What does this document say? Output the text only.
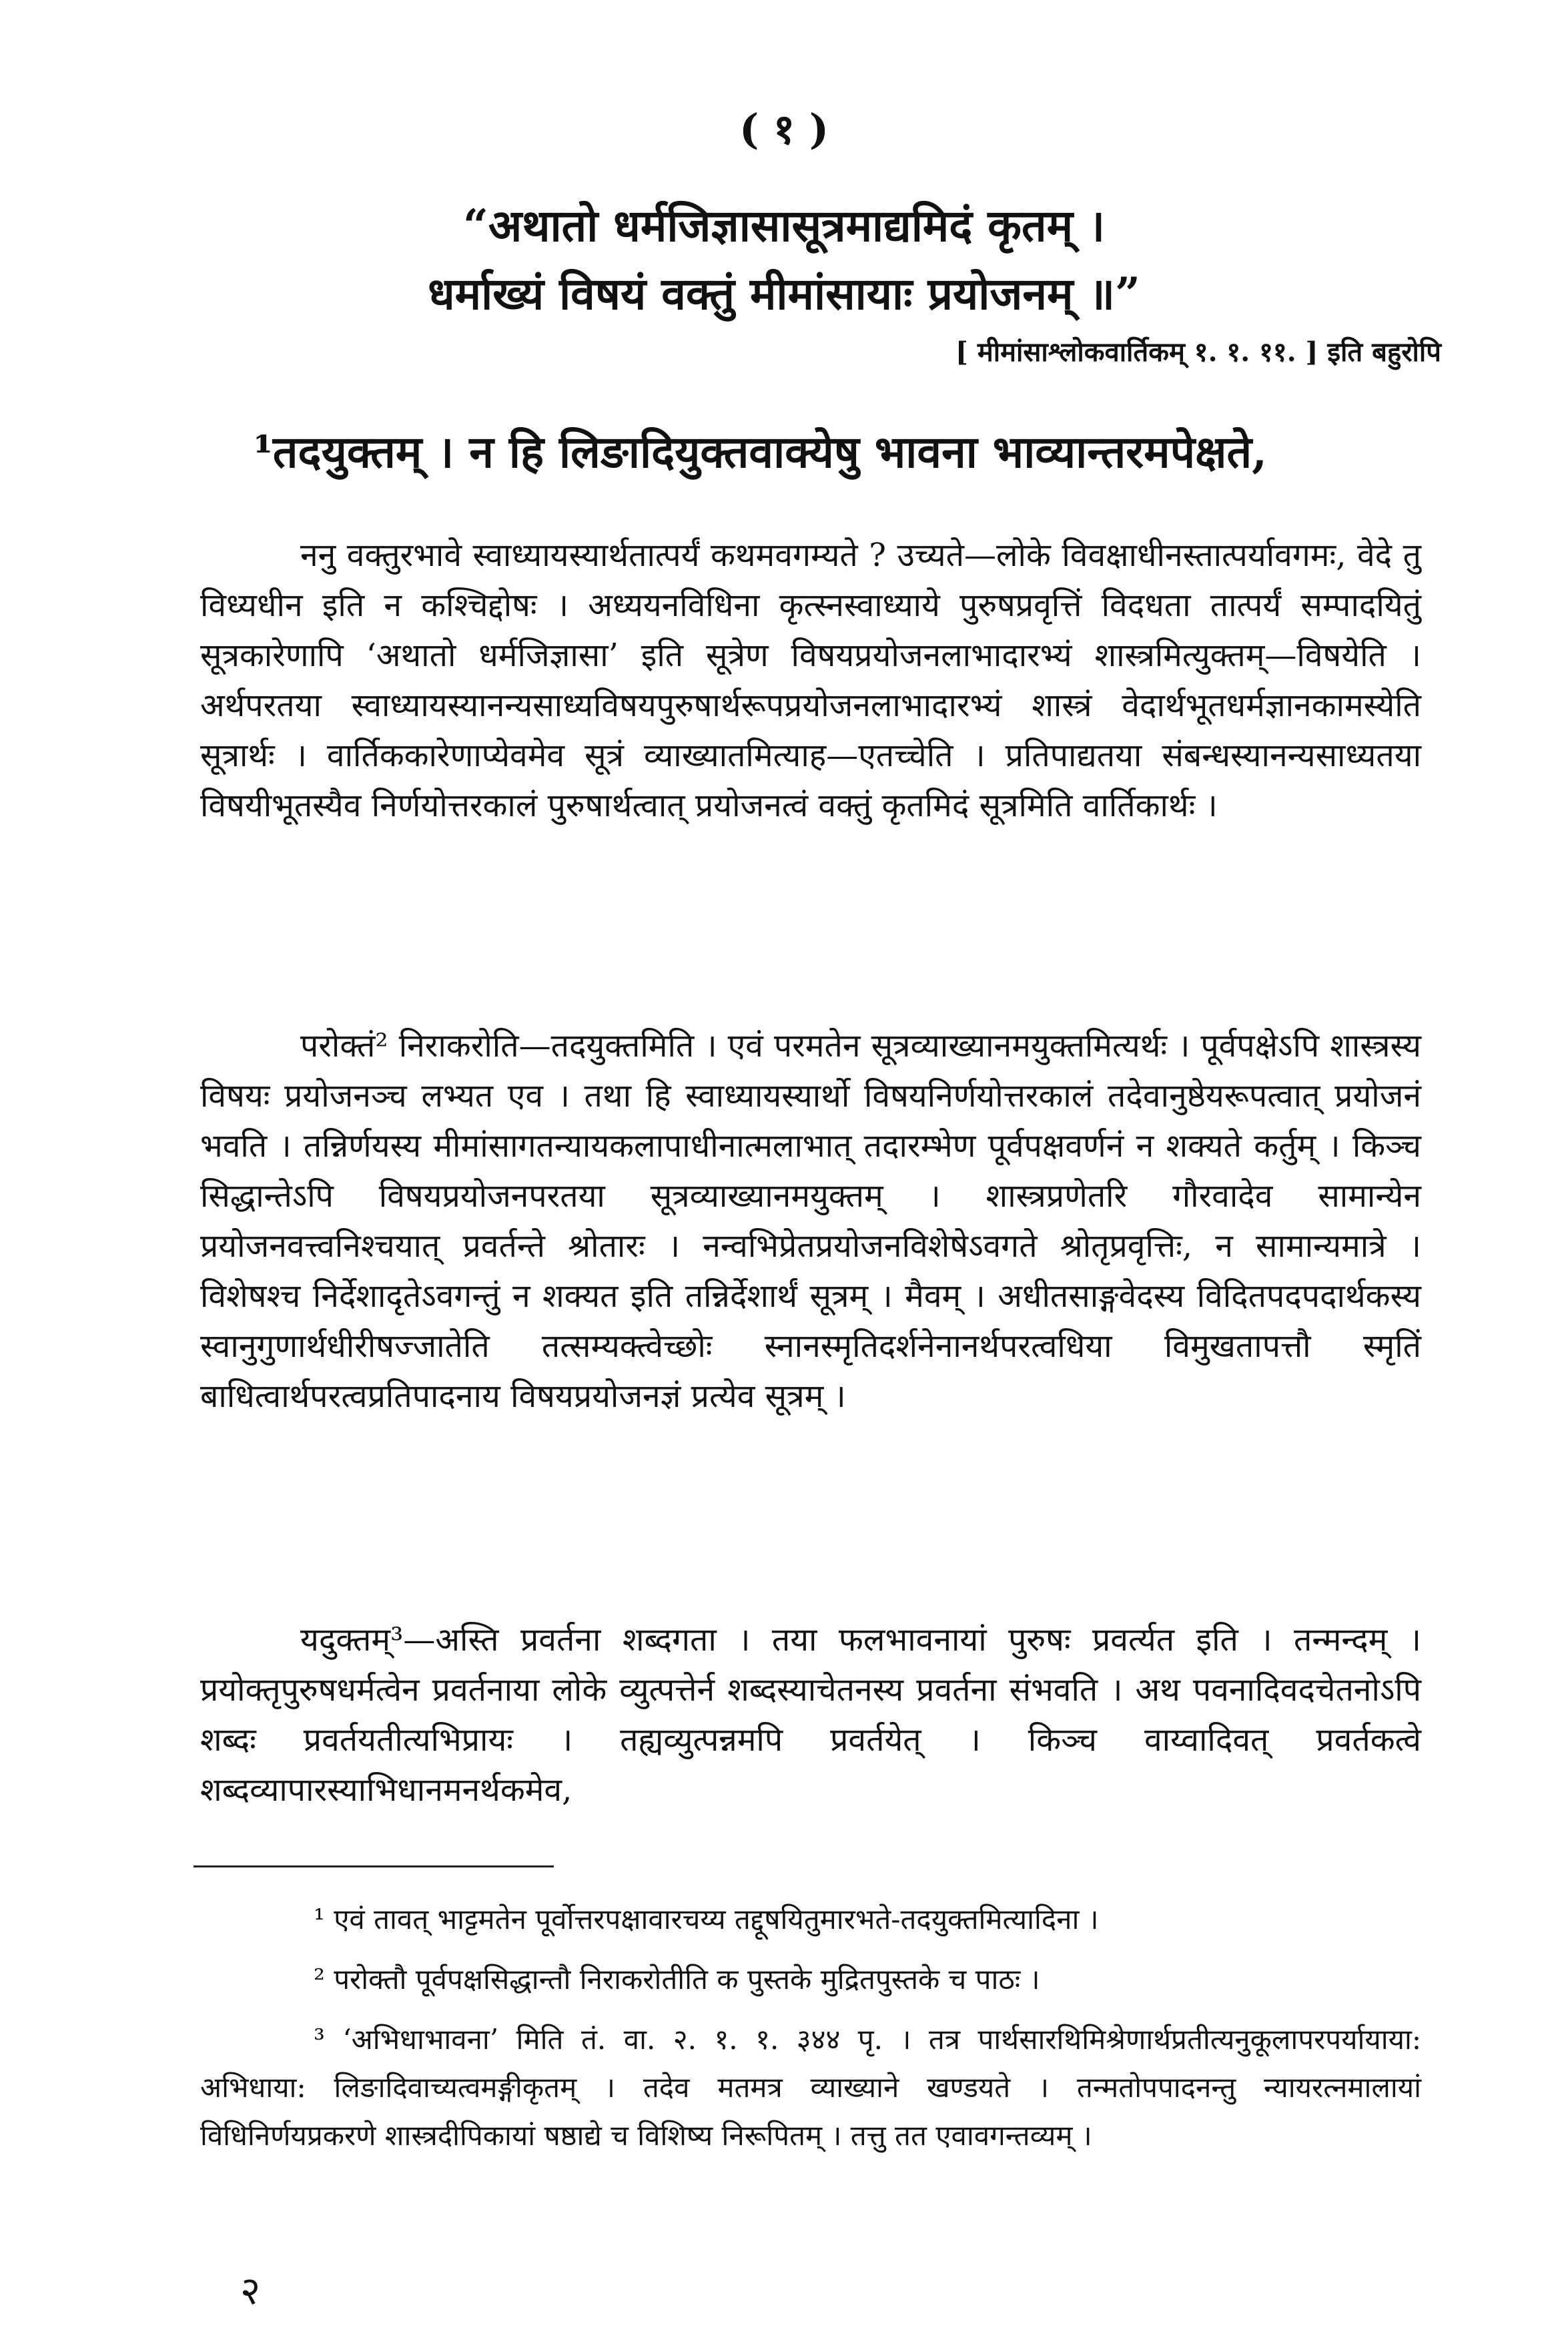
( १ )
“अथातो धर्मजिज्ञासासूत्रमाद्यमिदं कृतम् ।
धर्माख्यं विषयं वक्तुं मीमांसायाः प्रयोजनम् ॥”
[ मीमांसाश्लोकवार्तिकम् १. १. ११. ] इति बहुरोपि
¹तदयुक्तम् । न हि लिङादियुक्तवाक्येषु भावना भाव्यान्तरमपेक्षते,

ननु वक्तुरभावे स्वाध्यायस्यार्थतात्पर्यं कथमवगम्यते ? उच्यते—लोके विवक्षाधीनस्तात्पर्यावगमः, वेदे तु विध्यधीन इति न कश्चिद्दोषः । अध्ययनविधिना कृत्स्नस्वाध्याये पुरुषप्रवृत्तिं विदधता तात्पर्यं सम्पादयितुं सूत्रकारेणापि ‘अथातो धर्मजिज्ञासा’ इति सूत्रेण विषयप्रयोजनलाभादारभ्यं शास्त्रमित्युक्तम्—विषयेति । अर्थपरतया स्वाध्यायस्यानन्यसाध्यविषयपुरुषार्थरूपप्रयोजनलाभादारभ्यं शास्त्रं वेदार्थभूतधर्मज्ञानकामस्येति सूत्रार्थः । वार्तिककारेणाप्येवमेव सूत्रं व्याख्यातमित्याह—एतच्चेति । प्रतिपाद्यतया संबन्धस्यानन्यसाध्यतया विषयीभूतस्यैव निर्णयोत्तरकालं पुरुषार्थत्वात् प्रयोजनत्वं वक्तुं कृतमिदं सूत्रमिति वार्तिकार्थः ।

परोक्तं² निराकरोति—तदयुक्तमिति । एवं परमतेन सूत्रव्याख्यानमयुक्तमित्यर्थः । पूर्वपक्षेऽपि शास्त्रस्य विषयः प्रयोजनञ्च लभ्यत एव । तथा हि स्वाध्यायस्यार्थो विषयनिर्णयोत्तरकालं तदेवानुष्ठेयरूपत्वात् प्रयोजनं भवति । तन्निर्णयस्य मीमांसागतन्यायकलापाधीनात्मलाभात् तदारम्भेण पूर्वपक्षवर्णनं न शक्यते कर्तुम् । किञ्च सिद्धान्तेऽपि विषयप्रयोजनपरतया सूत्रव्याख्यानमयुक्तम् । शास्त्रप्रणेतरि गौरवादेव सामान्येन प्रयोजनवत्त्वनिश्चयात् प्रवर्तन्ते श्रोतारः । नन्वभिप्रेतप्रयोजनविशेषेऽवगते श्रोतृप्रवृत्तिः, न सामान्यमात्रे । विशेषश्च निर्देशादृतेऽवगन्तुं न शक्यत इति तन्निर्देशार्थं सूत्रम् । मैवम् । अधीतसाङ्गवेदस्य विदितपदपदार्थकस्य स्वानुगुणार्थधीरीषज्जातेति तत्सम्यक्त्वेच्छोः स्नानस्मृतिदर्शनेनानर्थपरत्वधिया विमुखतापत्तौ स्मृतिं बाधित्वार्थपरत्वप्रतिपादनाय विषयप्रयोजनज्ञं प्रत्येव सूत्रम् ।

यदुक्तम्³—अस्ति प्रवर्तना शब्दगता । तया फलभावनायां पुरुषः प्रवर्त्यत इति । तन्मन्दम् । प्रयोक्तृपुरुषधर्मत्वेन प्रवर्तनाया लोके व्युत्पत्तेर्न शब्दस्याचेतनस्य प्रवर्तना संभवति । अथ पवनादिवदचेतनोऽपि शब्दः प्रवर्तयतीत्यभिप्रायः । तह्यव्युत्पन्नमपि प्रवर्तयेत् । किञ्च वाय्वादिवत् प्रवर्तकत्वे शब्दव्यापारस्याभिधानमनर्थकमेव,

¹ एवं तावत् भाट्टमतेन पूर्वोत्तरपक्षावारचय्य तद्दूषयितुमारभते-तदयुक्तमित्यादिना ।

² परोक्तौ पूर्वपक्षसिद्धान्तौ निराकरोतीति क पुस्तके मुद्रितपुस्तके च पाठः ।

³ ‘अभिधाभावना’ मिति तं. वा. २. १. १. ३४४ पृ. । तत्र पार्थसारथिमिश्रेणार्थप्रतीत्यनुकूलापरपर्यायाया: अभिधाया: लिङादिवाच्यत्वमङ्गीकृतम् । तदेव मतमत्र व्याख्याने खण्डयते । तन्मतोपपादनन्तु न्यायरत्नमालायां विधिनिर्णयप्रकरणे शास्त्रदीपिकायां षष्ठाद्ये च विशिष्य निरूपितम् । तत्तु तत एवावगन्तव्यम् ।

२
